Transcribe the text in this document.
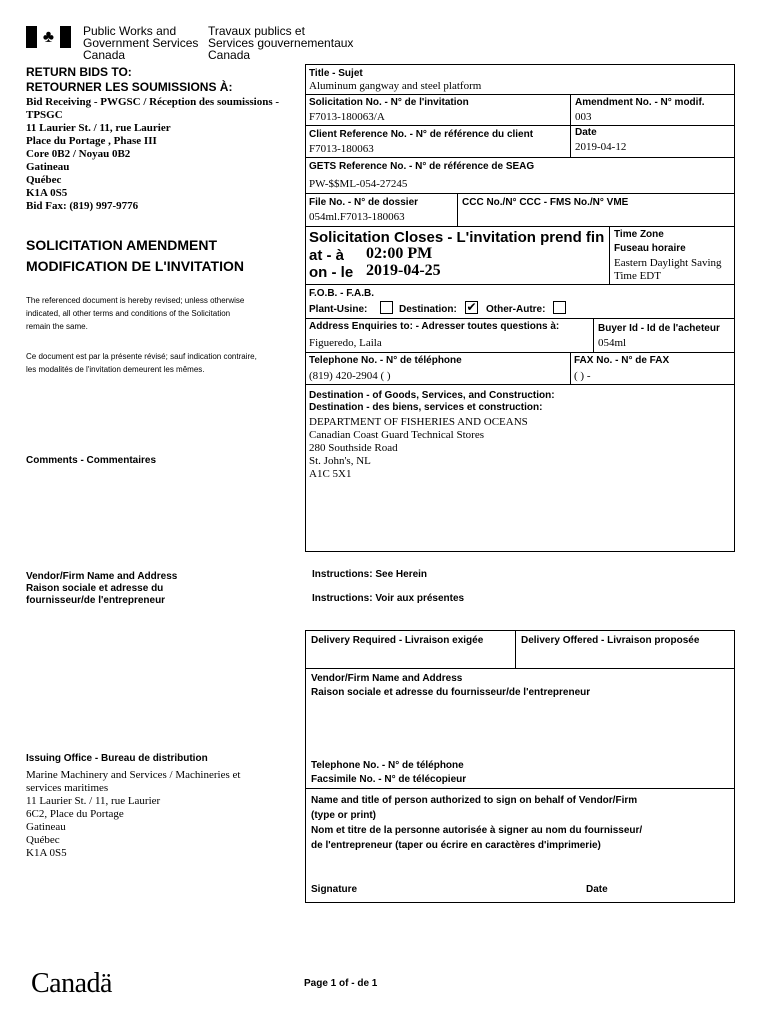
♣	Public Works and
Government Services
Canada
Travaux publics et
Services gouvernementaux
Canada
RETURN BIDS TO:
RETOURNER LES SOUMISSIONS À:
Bid Receiving - PWGSC / Réception des soumissions -
TPSGC
11 Laurier St. / 11, rue Laurier
Place du Portage , Phase III
Core 0B2 / Noyau 0B2
Gatineau
Québec
K1A 0S5
Bid Fax: (819) 997-9776
SOLICITATION AMENDMENT
MODIFICATION DE L'INVITATION
The referenced document is hereby revised; unless otherwise
indicated, all other terms and conditions of the Solicitation
remain the same.
Ce document est par la présente révisé; sauf indication contraire,
les modalités de l'invitation demeurent les mêmes.
Comments - Commentaires
Vendor/Firm Name and Address
Raison sociale et adresse du
fournisseur/de l'entrepreneur
Issuing Office - Bureau de distribution
Marine Machinery and Services / Machineries et
services maritimes
11 Laurier St. / 11, rue Laurier
6C2, Place du Portage
Gatineau
Québec
K1A 0S5
Title - Sujet
Aluminum gangway and steel platform
Solicitation No. - N° de l'invitation
F7013-180063/A
Amendment No. - N° modif.
003
Client Reference No. - N° de référence du client
F7013-180063
Date
2019-04-12
GETS Reference No. - N° de référence de SEAG
PW-$$ML-054-27245
File No. - N° de dossier
054ml.F7013-180063
CCC No./N° CCC - FMS No./N° VME
Solicitation Closes - L'invitation prend fin
at - à 02:00 PM
on - le 2019-04-25
Time Zone
Fuseau horaire
Eastern Daylight Saving
Time EDT
F.O.B. - F.A.B.
Plant-Usine:	Destination: ✔ Other-Autre:
Address Enquiries to: - Adresser toutes questions à:
Figueredo, Laila
Buyer Id - Id de l'acheteur
054ml
Telephone No. - N° de téléphone
(819) 420-2904 ( )
FAX No. - N° de FAX
( ) -
Destination - of Goods, Services, and Construction:
Destination - des biens, services et construction:
DEPARTMENT OF FISHERIES AND OCEANS
Canadian Coast Guard Technical Stores
280 Southside Road
St. John's, NL
A1C 5X1
Instructions: See Herein
Instructions: Voir aux présentes
Delivery Required - Livraison exigée	Delivery Offered - Livraison proposée
Vendor/Firm Name and Address
Raison sociale et adresse du fournisseur/de l'entrepreneur
Telephone No. - N° de téléphone
Facsimile No. - N° de télécopieur
Name and title of person authorized to sign on behalf of Vendor/Firm
(type or print)
Nom et titre de la personne autorisée à signer au nom du fournisseur/
de l'entrepreneur (taper ou écrire en caractères d'imprimerie)
Signature	Date
Canadä	Page 1 of - de 1
